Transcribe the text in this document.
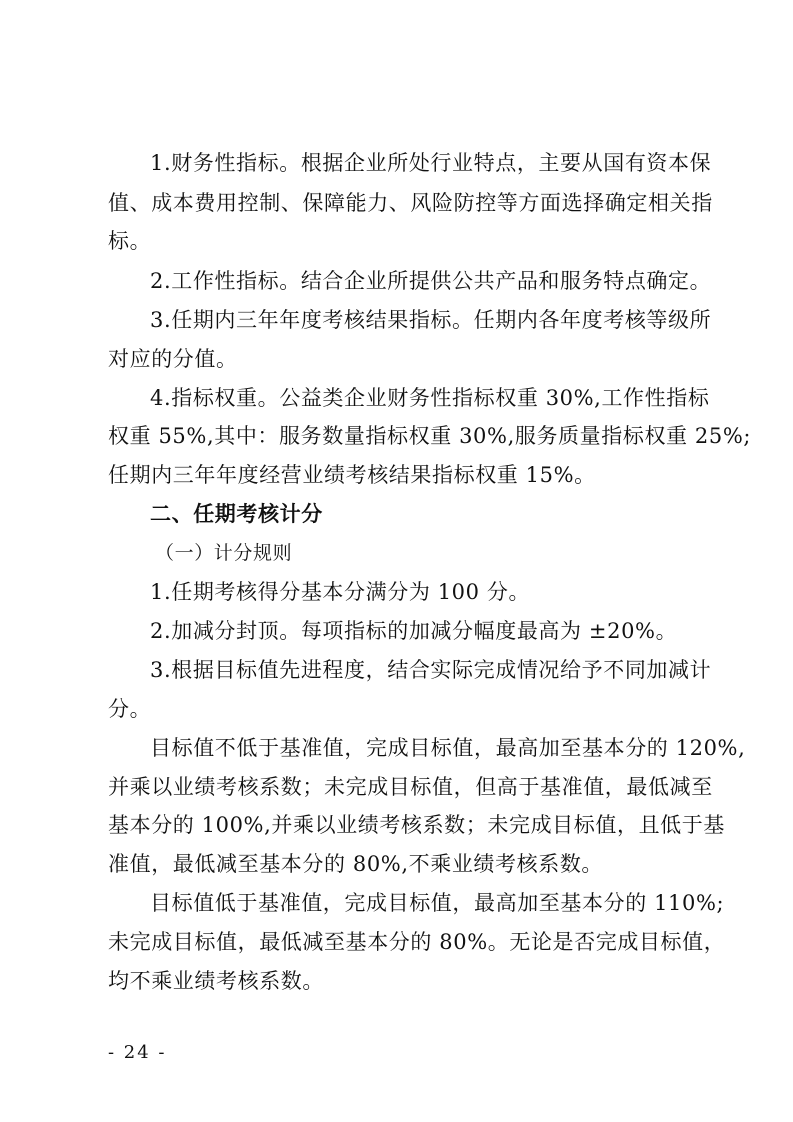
1.财务性指标。根据企业所处行业特点，主要从国有资本保
值、成本费用控制、保障能力、风险防控等方面选择确定相关指
标。
2.工作性指标。结合企业所提供公共产品和服务特点确定。
3.任期内三年年度考核结果指标。任期内各年度考核等级所
对应的分值。
4.指标权重。公益类企业财务性指标权重 30%,工作性指标
权重 55%,其中：服务数量指标权重 30%,服务质量指标权重 25%;
任期内三年年度经营业绩考核结果指标权重 15%。
二、任期考核计分
（一）计分规则
1.任期考核得分基本分满分为 100 分。
2.加减分封顶。每项指标的加减分幅度最高为 ±20%。
3.根据目标值先进程度，结合实际完成情况给予不同加减计
分。
目标值不低于基准值，完成目标值，最高加至基本分的 120%,
并乘以业绩考核系数；未完成目标值，但高于基准值，最低减至
基本分的 100%,并乘以业绩考核系数；未完成目标值，且低于基
准值，最低减至基本分的 80%,不乘业绩考核系数。
目标值低于基准值，完成目标值，最高加至基本分的 110%;
未完成目标值，最低减至基本分的 80%。无论是否完成目标值，
均不乘业绩考核系数。
- 24 -
